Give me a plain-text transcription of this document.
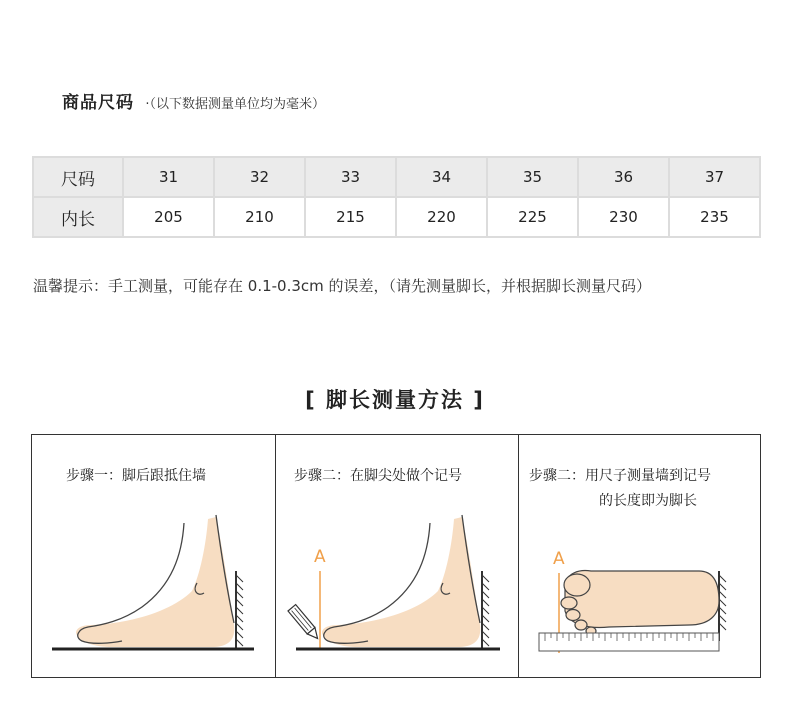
商品尺码 ·（以下数据测量单位均为毫米）
尺码	31	32	33	34	35	36	37
内长	205	210	215	220	225	230	235
温馨提示：手工测量，可能存在 0.1-0.3cm 的误差，（请先测量脚长，并根据脚长测量尺码）
[ 脚长测量方法 ]
步骤一：脚后跟抵住墙	步骤二：在脚尖处做个记号
A
步骤二：用尺子测量墙到记号
的长度即为脚长
A
